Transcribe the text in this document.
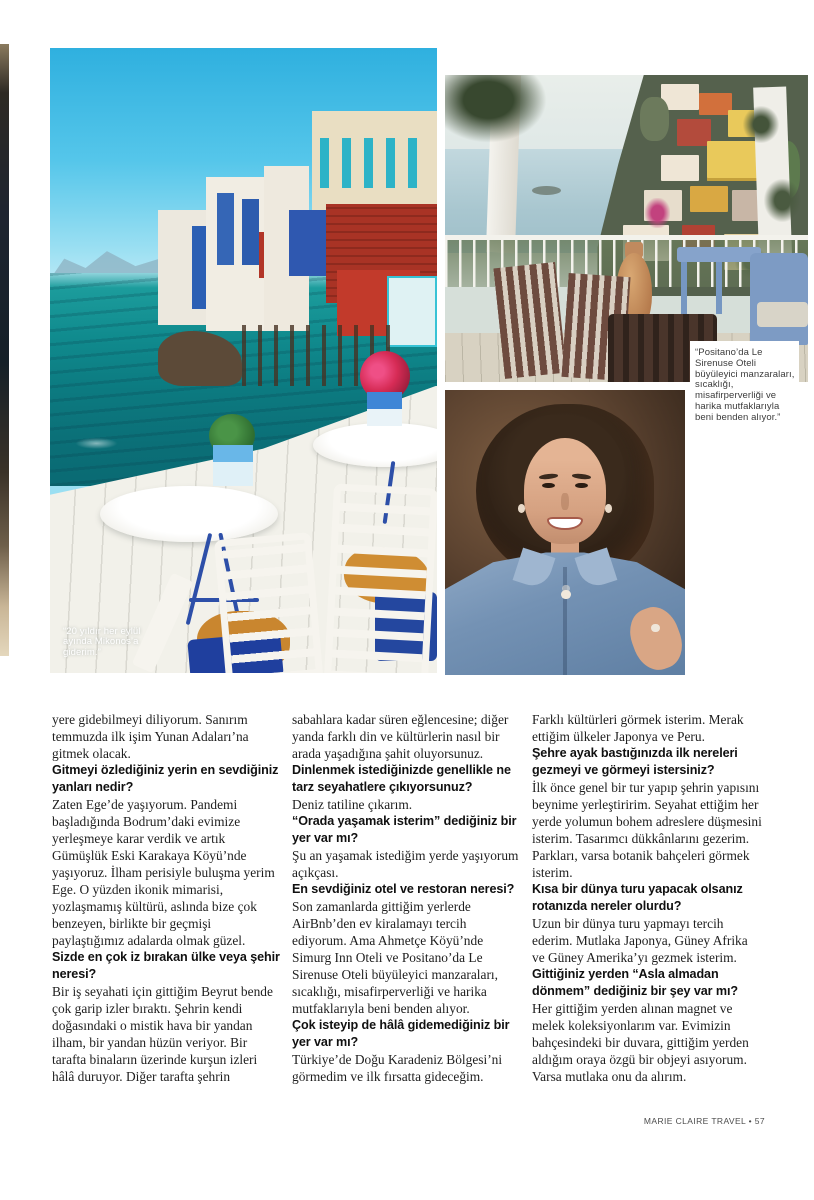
“20 yıldır her eylül ayında Mikonos’a giderim.”
“Positano’da Le Sirenuse Oteli büyüleyici manzaraları, sıcaklığı, misafirperverliği ve harika mutfaklarıyla beni benden alıyor.”

yere gidebilmeyi diliyorum. Sanırım temmuzda ilk işim Yunan Adaları’na gitmek olacak.

Gitmeyi özlediğiniz yerin en sevdiğiniz yanları nedir?

Zaten Ege’de yaşıyorum. Pandemi başladığında Bodrum’daki evimize yerleşmeye karar verdik ve artık Gümüşlük Eski Karakaya Köyü’nde yaşıyoruz. İlham perisiyle buluşma yerim Ege. O yüzden ikonik mimarisi, yozlaşmamış kültürü, aslında bize çok benzeyen, birlikte bir geçmişi paylaştığımız adalarda olmak güzel.

Sizde en çok iz bırakan ülke veya şehir neresi?

Bir iş seyahati için gittiğim Beyrut bende çok garip izler bıraktı. Şehrin kendi doğasındaki o mistik hava bir yandan ilham, bir yandan hüzün veriyor. Bir tarafta binaların üzerinde kurşun izleri hâlâ duruyor. Diğer tarafta şehrin

sabahlara kadar süren eğlencesine; diğer yanda farklı din ve kültürlerin nasıl bir arada yaşadığına şahit oluyorsunuz.

Dinlenmek istediğinizde genellikle ne tarz seyahatlere çıkıyorsunuz?

Deniz tatiline çıkarım.

“Orada yaşamak isterim” dediğiniz bir yer var mı?

Şu an yaşamak istediğim yerde yaşıyorum açıkçası.

En sevdiğiniz otel ve restoran neresi?

Son zamanlarda gittiğim yerlerde AirBnb’den ev kiralamayı tercih ediyorum. Ama Ahmetçe Köyü’nde Simurg Inn Oteli ve Positano’da Le Sirenuse Oteli büyüleyici manzaraları, sıcaklığı, misafirperverliği ve harika mutfaklarıyla beni benden alıyor.

Çok isteyip de hâlâ gidemediğiniz bir yer var mı?

Türkiye’de Doğu Karadeniz Bölgesi’ni görmedim ve ilk fırsatta gideceğim.

Farklı kültürleri görmek isterim. Merak ettiğim ülkeler Japonya ve Peru.

Şehre ayak bastığınızda ilk nereleri gezmeyi ve görmeyi istersiniz?

İlk önce genel bir tur yapıp şehrin yapısını beynime yerleştiririm. Seyahat ettiğim her yerde yolumun bohem adreslere düşmesini isterim. Tasarımcı dükkânlarını gezerim. Parkları, varsa botanik bahçeleri görmek isterim.

Kısa bir dünya turu yapacak olsanız rotanızda nereler olurdu?

Uzun bir dünya turu yapmayı tercih ederim. Mutlaka Japonya, Güney Afrika ve Güney Amerika’yı gezmek isterim.

Gittiğiniz yerden “Asla almadan dönmem” dediğiniz bir şey var mı?

Her gittiğim yerden alınan magnet ve melek koleksiyonlarım var. Evimizin bahçesindeki bir duvara, gittiğim yerden aldığım oraya özgü bir objeyi asıyorum. Varsa mutlaka onu da alırım.

MARIE CLAIRE TRAVEL • 57
